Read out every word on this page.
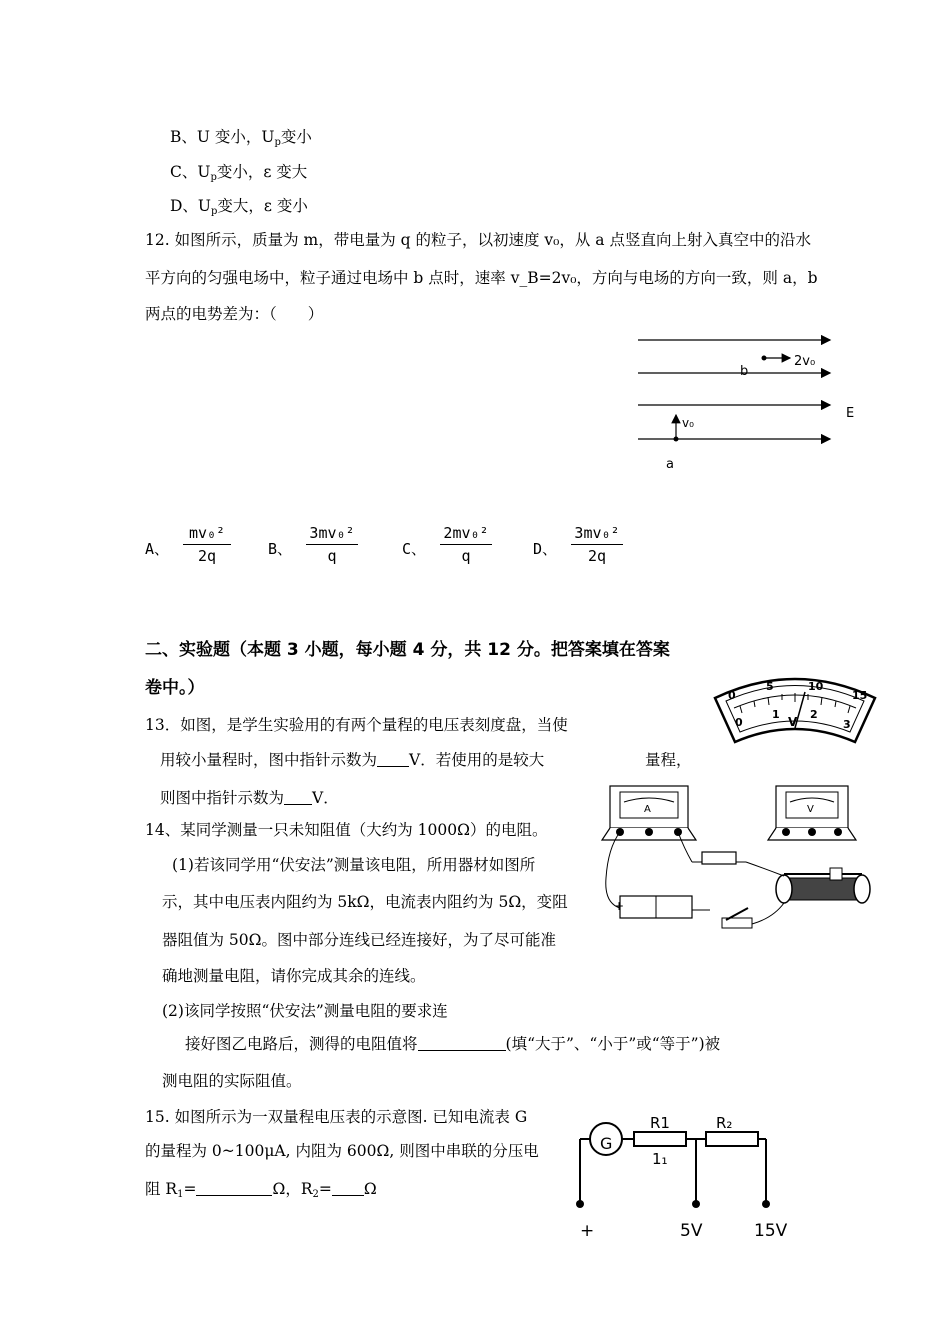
B、U 变小，$U_p$变小
C、$U_p$变小，ε 变大
D、$U_p$变大，ε 变小
12. 如图所示，质量为 m，带电量为 q 的粒子，以初速度 v₀，从 a 点竖直向上射入真空中的沿水
平方向的匀强电场中，粒子通过电场中 b 点时，速率 v_B=2v₀，方向与电场的方向一致，则 a，b
两点的电势差为：（　　）
b
2v₀
E
v₀
a
A、
mv₀²
2q	B、
3mv₀²
q	C、
2mv₀²
q	D、
3mv₀²
2q
二、实验题（本题 3 小题，每小题 4 分，共 12 分。把答案填在答案
卷中。）	0
5	10
15
0
1	2
3
V
13．如图，是学生实验用的有两个量程的电压表刻度盘，当使
用较小量程时，图中指针示数为 V．若使用的是较大	量程，
则图中指针示数为 V．
14、某同学测量一只未知阻值（大约为 1000Ω）的电阻。
(1)若该同学用“伏安法”测量该电阻，所用器材如图所
示，其中电压表内阻约为 5kΩ，电流表内阻约为 5Ω，变阻
器阻值为 50Ω。图中部分连线已经连接好，为了尽可能准
确地测量电阻，请你完成其余的连线。
(2)该同学按照“伏安法”测量电阻的要求连
接好图乙电路后，测得的电阻值将	(填“大于”、“小于”或“等于”)被
测电阻的实际阻值。
A	V
+
15. 如图所示为一双量程电压表的示意图. 已知电流表 G
的量程为 0~100μA, 内阻为 600Ω, 则图中串联的分压电
阻 $R_1=$	Ω，$R_2= \Omega$
G
R1
1₁
R₂
+	5V	15V
